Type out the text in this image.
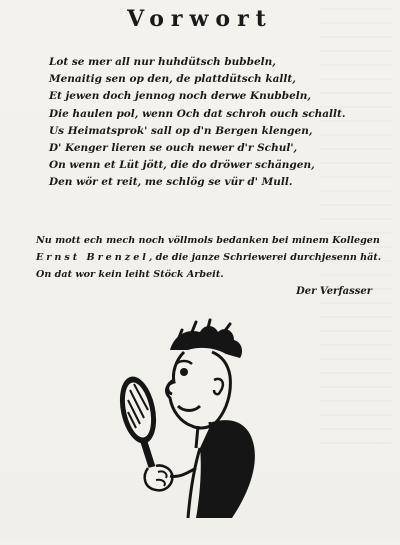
Vorwort
Lot se mer all nur huhdütsch bubbeln,
Menaitig sen op den, de plattdütsch kallt,
Et jewen doch jennog noch derwe Knubbeln,
Die haulen pol, wenn Och dat schroh ouch schallt.
Us Heimatsprok' sall op d'n Bergen klengen,
D' Kenger lieren se ouch newer d'r Schul',
On wenn et Lüt jött, die do dröwer schängen,
Den wör et reit, me schlög se vür d' Mull.
Nu mott ech mech noch völlmols bedanken bei minem Kollegen
Ernst Brenzel, de die janze Schriewerei durchjesenn hät.
On dat wor kein leiht Stöck Arbeit.
Der Verfasser
